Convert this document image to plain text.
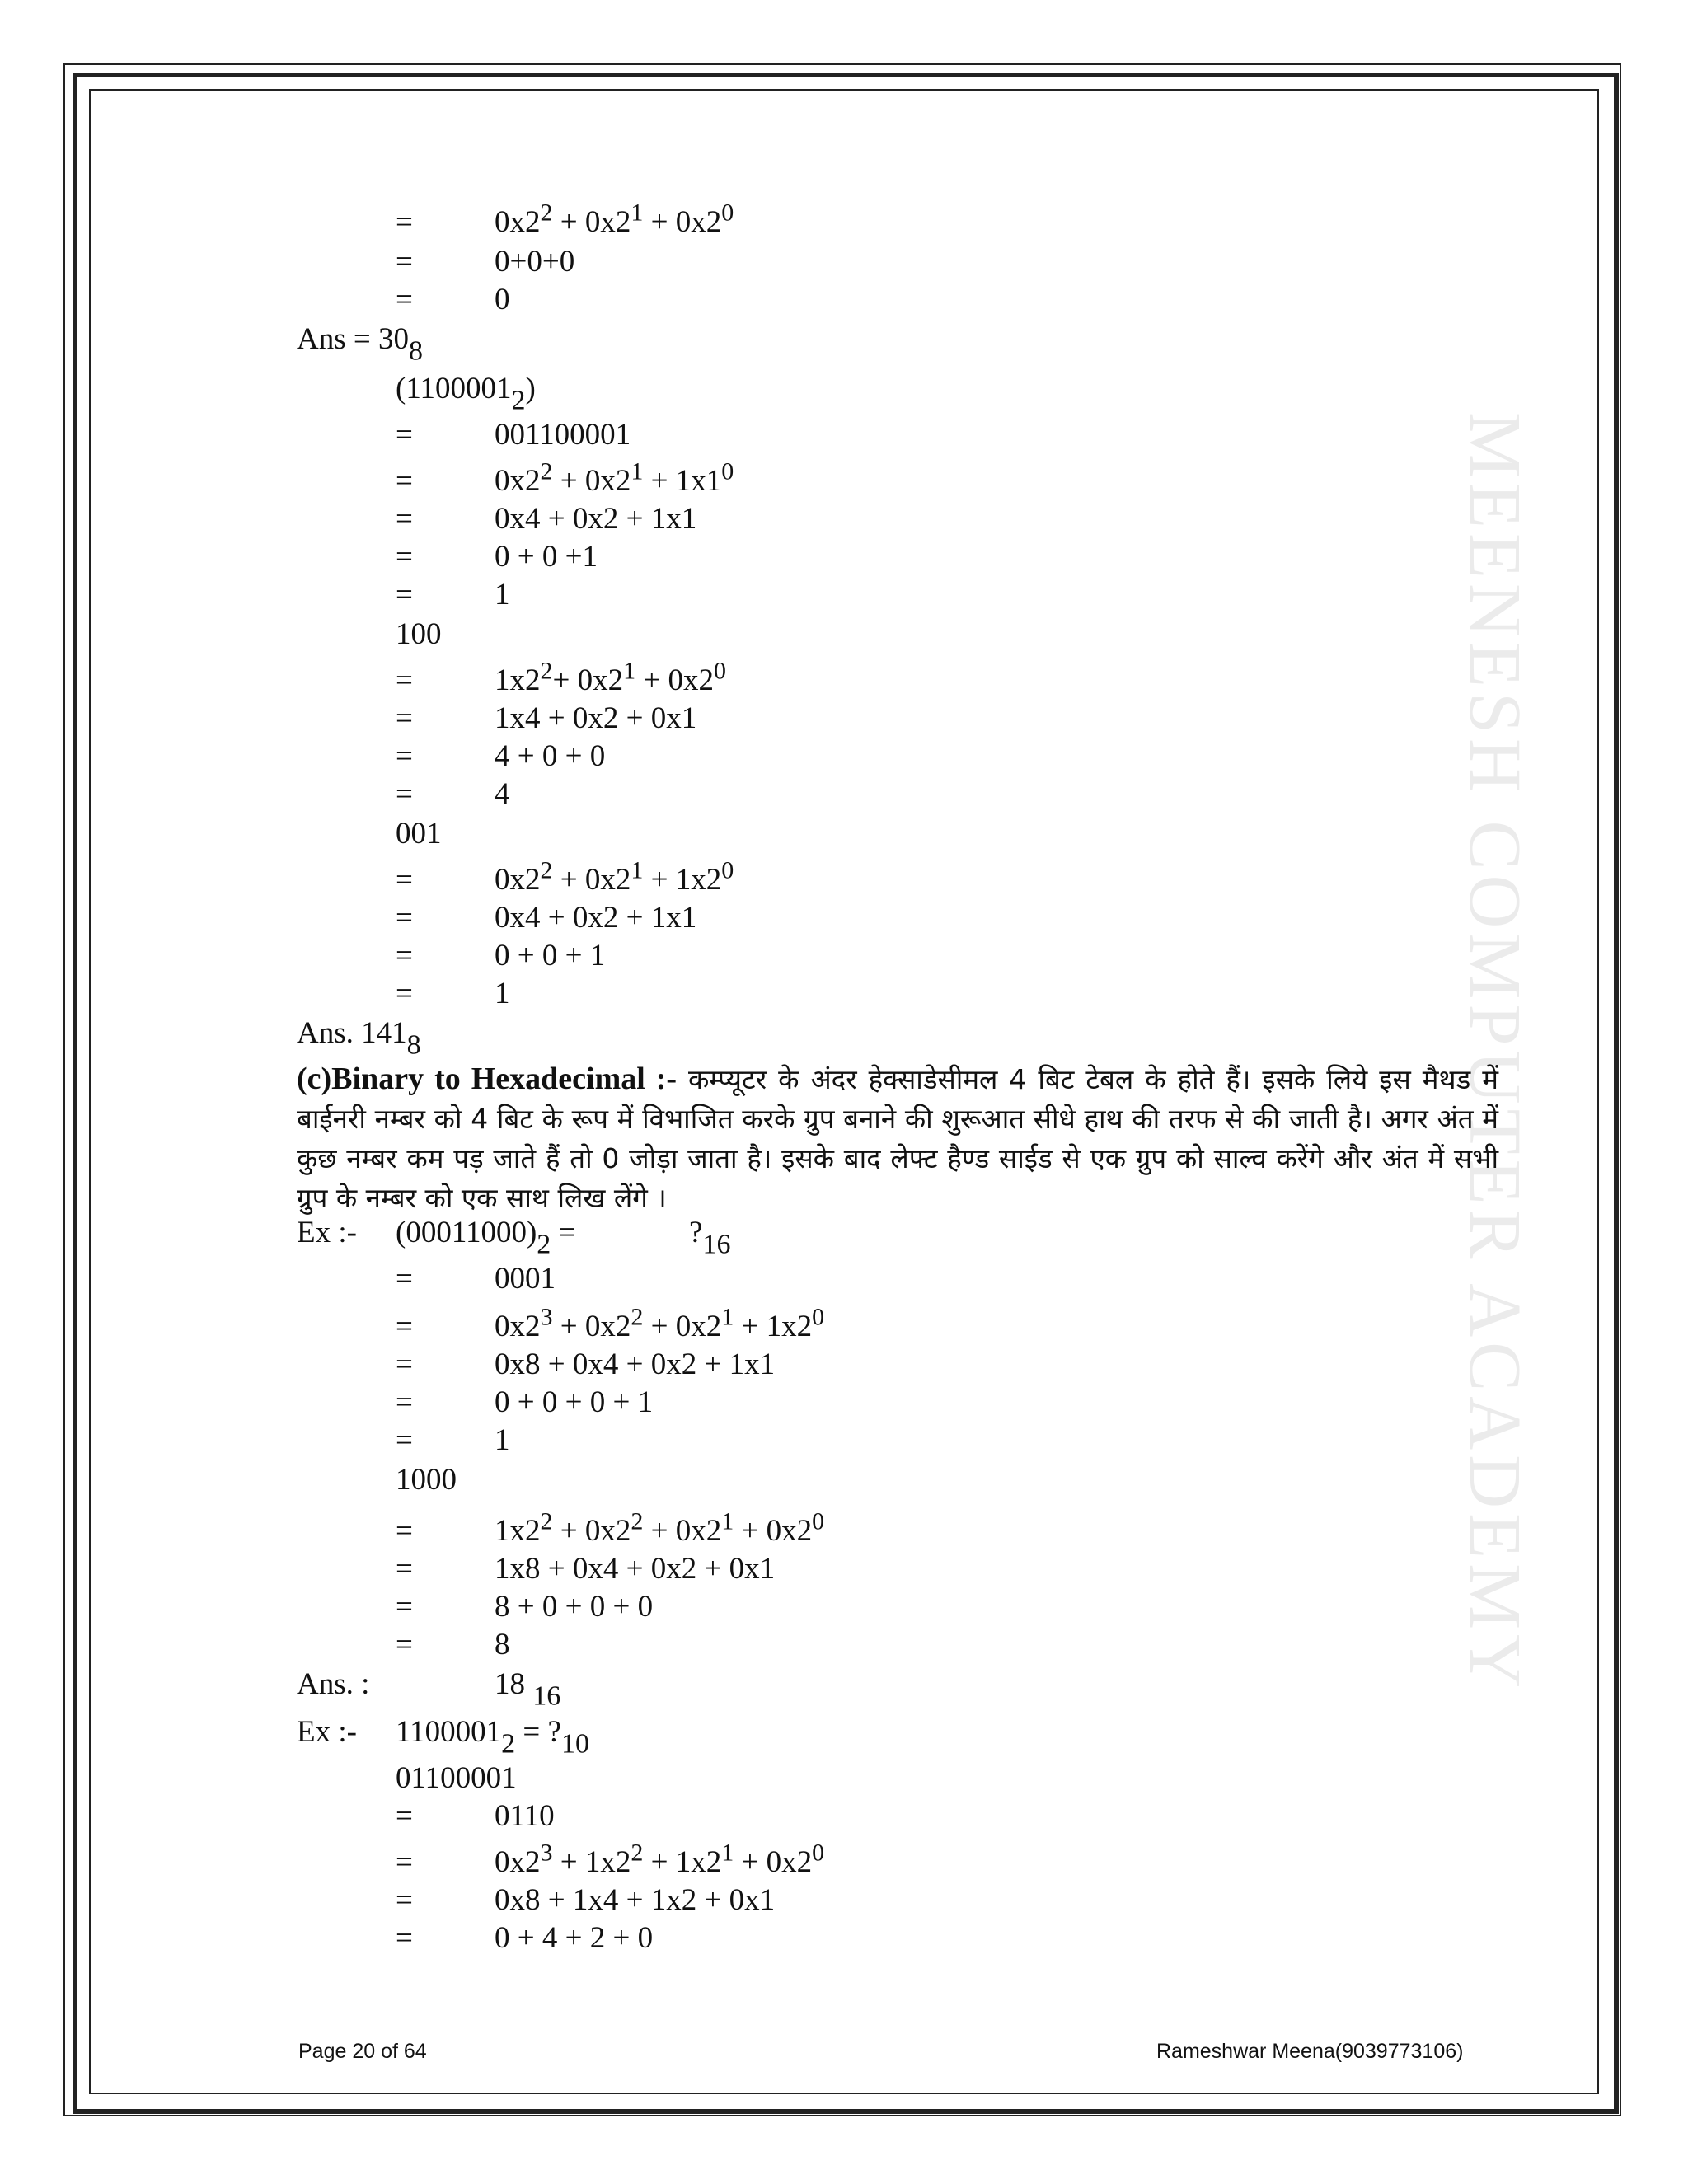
MEENESH COMPUTER ACADEMY
=	$0x2^2 + 0x2^1 + 0x2^0$
=	0+0+0
=	0
Ans = $30_8$
$(1100001_2)$
=	001100001
=	$0x2^2 + 0x2^1 + 1x1^0$
=	0x4 + 0x2 + 1x1
=	0 + 0 +1
=	1
100
=	$1x2^2+ 0x2^1 + 0x2^0$
=	1x4 + 0x2 + 0x1
=	4 + 0 + 0
=	4
001
=	$0x2^2 + 0x2^1 + 1x2^0$
=	0x4 + 0x2 + 1x1
=	0 + 0 + 1
=	1
Ans. $141_8$
(c)Binary to Hexadecimal :- कम्प्यूटर के अंदर हेक्साडेसीमल 4 बिट टेबल के होते हैं। इसके लिये इस मैथड में बाईनरी नम्बर को 4 बिट के रूप में विभाजित करके ग्रुप बनाने की शुरूआत सीधे हाथ की तरफ से की जाती है। अगर अंत में कुछ नम्बर कम पड़ जाते हैं तो 0 जोड़ा जाता है। इसके बाद लेफ्ट हैण्ड साईड से एक ग्रुप को साल्व करेंगे और अंत में सभी ग्रुप के नम्बर को एक साथ लिख लेंगे ।
Ex :- $(00011000)_2$ =	$?_{16}$
=	0001
=	$0x2^3 + 0x2^2 + 0x2^1 + 1x2^0$
=	0x8 + 0x4 + 0x2 + 1x1
=	0 + 0 + 0 + 1
=	1
1000
=	$1x2^2 + 0x2^2 + 0x2^1 + 0x2^0$
=	1x8 + 0x4 + 0x2 + 0x1
=	8 + 0 + 0 + 0
=	8
Ans. :	18 $_{16}$
Ex :- $1100001_2$ = $?_{10}$
01100001
=	0110
=	$0x2^3 + 1x2^2 + 1x2^1 + 0x2^0$
=	0x8 + 1x4 + 1x2 + 0x1
=	0 + 4 + 2 + 0
Page 20 of 64	Rameshwar Meena(9039773106)
